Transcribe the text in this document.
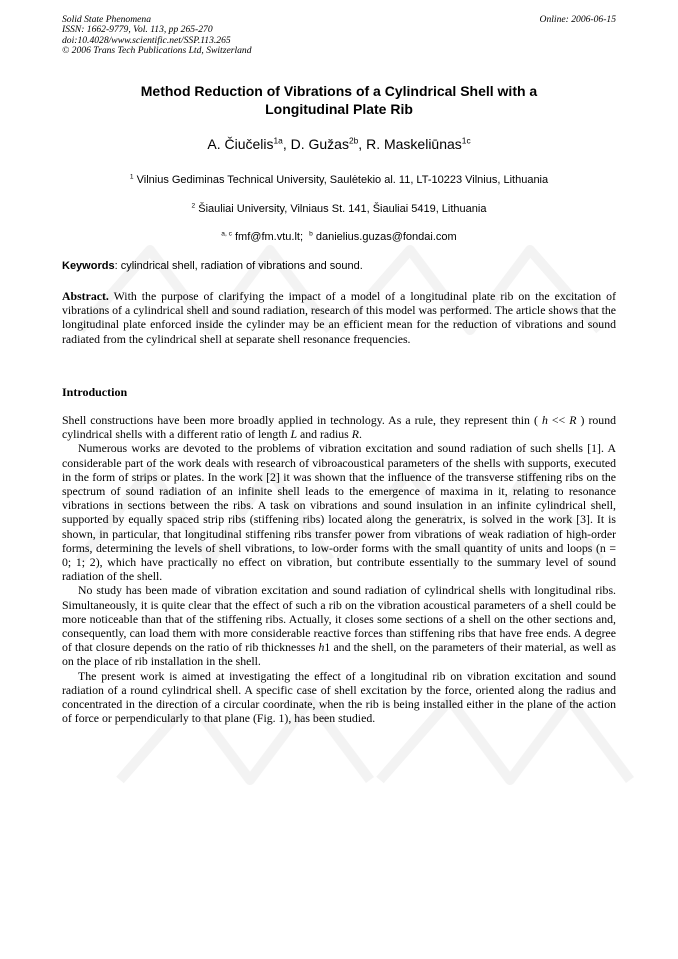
Solid State Phenomena
ISSN: 1662-9779, Vol. 113, pp 265-270
doi:10.4028/www.scientific.net/SSP.113.265
© 2006 Trans Tech Publications Ltd, Switzerland
Online: 2006-06-15
Method Reduction of Vibrations of a Cylindrical Shell with a
Longitudinal Plate Rib
A. Čiučelis$^{1a}$, D. Gužas$^{2b}$, R. Maskeliūnas$^{1c}$
$^1$ Vilnius Gediminas Technical University, Saulėtekio al. 11, LT-10223 Vilnius, Lithuania
$^2$ Šiauliai University, Vilniaus St. 141, Šiauliai 5419, Lithuania
$^{a, c}$ fmf@fm.vtu.lt; $^b$ danielius.guzas@fondai.com
Keywords: cylindrical shell, radiation of vibrations and sound.
Abstract. With the purpose of clarifying the impact of a model of a longitudinal plate rib on the excitation of vibrations of a cylindrical shell and sound radiation, research of this model was performed. The article shows that the longitudinal plate enforced inside the cylinder may be an efficient mean for the reduction of vibrations and sound radiated from the cylindrical shell at separate shell resonance frequencies.
Introduction

Shell constructions have been more broadly applied in technology. As a rule, they represent thin ( h << R ) round cylindrical shells with a different ratio of length L and radius R.

Numerous works are devoted to the problems of vibration excitation and sound radiation of such shells [1]. A considerable part of the work deals with research of vibroacoustical parameters of the shells with supports, executed in the form of strips or plates. In the work [2] it was shown that the influence of the transverse stiffening ribs on the spectrum of sound radiation of an infinite shell leads to the emergence of maxima in it, relating to resonance vibrations in sections between the ribs. A task on vibrations and sound insulation in an infinite cylindrical shell, supported by equally spaced strip ribs (stiffening ribs) located along the generatrix, is solved in the work [3]. It is shown, in particular, that longitudinal stiffening ribs transfer power from vibrations of weak radiation of high-order forms, determining the levels of shell vibrations, to low-order forms with the small quantity of units and loops (n = 0; 1; 2), which have practically no effect on vibration, but contribute essentially to the summary level of sound radiation of the shell.

No study has been made of vibration excitation and sound radiation of cylindrical shells with longitudinal ribs. Simultaneously, it is quite clear that the effect of such a rib on the vibration acoustical parameters of a shell could be more noticeable than that of the stiffening ribs. Actually, it closes some sections of a shell on the other sections and, consequently, can load them with more considerable reactive forces than stiffening ribs that have free ends. A degree of that closure depends on the ratio of rib thicknesses h1 and the shell, on the parameters of their material, as well as on the place of rib installation in the shell.

The present work is aimed at investigating the effect of a longitudinal rib on vibration excitation and sound radiation of a round cylindrical shell. A specific case of shell excitation by the force, oriented along the radius and concentrated in the direction of a circular coordinate, when the rib is being installed either in the plane of the action of force or perpendicularly to that plane (Fig. 1), has been studied.
